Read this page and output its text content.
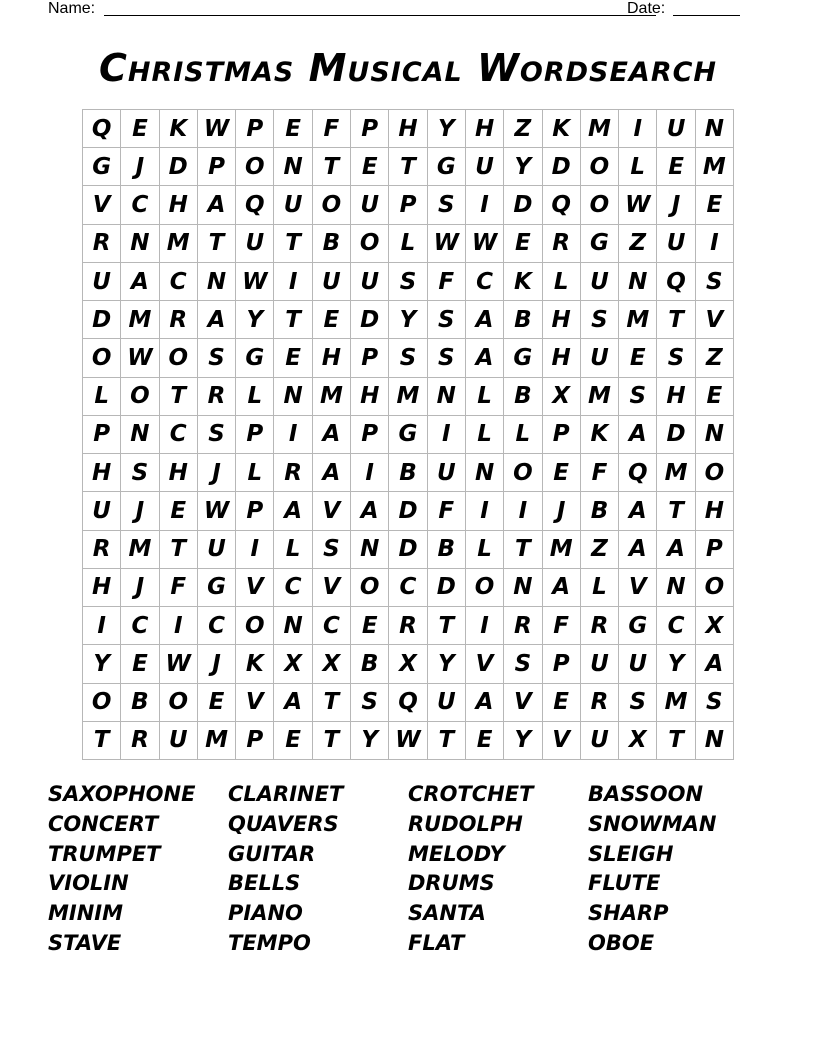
Name:	Date:
Christmas Musical Wordsearch
Q E K W P E F P H Y H Z K M I	U N
G	J	D P O N T E T G U Y D O L	E M
V C H A Q U O U P S	I	D Q O W J	E
R N M T U T B O L W W E R G Z U	I
U A C N W I	U U S F C K L U N Q S
D M R A Y T E D Y S A B H S M T V
O W O S G E H P S S A G H U E S Z
L O T R L N M H M N L B X M S H E
P N C S P	I	A P G	I	L	L P K A D N
H S H	J	L R A	I	B U N O E F Q M O
U	J	E W P A V A D F	I	I	J	B A T H
R M T U	I	L S N D B L	T M Z A A P
H	J	F G V C V O C D O N A L V N O
I	C	I	C O N C E R T	I	R F R G C X
Y E W J	K X X B X Y V S P U U Y A
O B O E V A T S Q U A V E R S M S
T R U M P E T Y W T E Y V U X T N
SAXOPHONE	CLARINET	CROTCHET	BASSOON
CONCERT	QUAVERS	RUDOLPH	SNOWMAN
TRUMPET	GUITAR	MELODY	SLEIGH
VIOLIN	BELLS	DRUMS	FLUTE
MINIM	PIANO	SANTA	SHARP
STAVE	TEMPO	FLAT	OBOE
